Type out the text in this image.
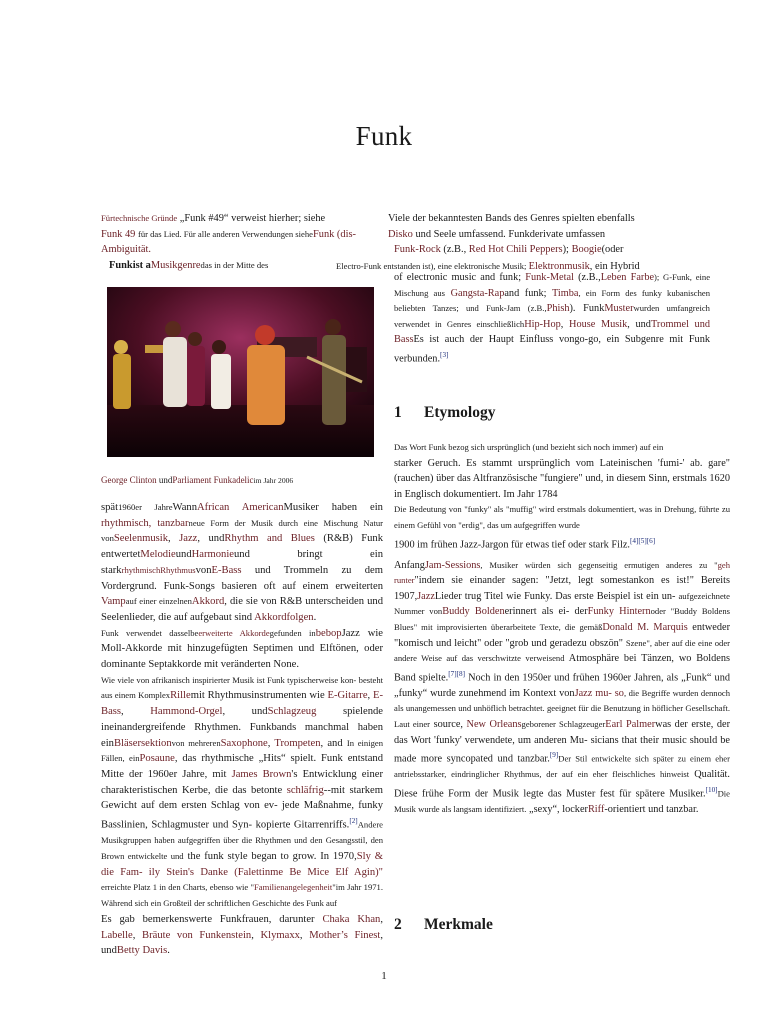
Funk

Fürtechnische Gründe „Funk #49“ verweist hierher; siehe

Funk 49 für das Lied. Für alle anderen Verwendungen sieheFunk (dis-

Ambiguität.

Funkist aMusikgenredas in der Mitte des

Viele der bekanntesten Bands des Genres spielten ebenfalls

Disko und Seele umfassend. Funkderivate umfassen

Funk-Rock (z.B., Red Hot Chili Peppers); Boogie(oder

Electro-Funk entstanden ist), eine elektronische Musik; Elektronmusik, ein Hybrid

of electronic music and funk; Funk-Metal (z.B.,Leben Farbe); G-Funk, eine Mischung aus Gangsta-Rapand funk; Timba, ein Form des funky kubanischen beliebten Tanzes; und Funk-Jam (z.B.,Phish). FunkMusterwurden umfangreich verwendet in Genres einschließlichHip-Hop, House Musik, undTrommel und BassEs ist auch der Haupt Einfluss vongo-go, ein Subgenre mit Funk verbunden.[3]

George Clinton undParliament Funkadelicim Jahr 2006

spät1960er JahreWannAfrican AmericanMusiker haben ein rhythmisch, tanzbarneue Form der Musik durch eine Mischung Natur vonSeelenmusik, Jazz, undRhythm and Blues (R&B) Funk entwertetMelodieundHarmonieund bringt ein starkrhythmischRhythmusvonE-Bass und Trommeln zu dem Vordergrund. Funk-Songs basieren oft auf einem erweiterten Vampauf einer einzelnenAkkord, die sie von R&B unterscheiden und Seelenlieder, die auf aufgebaut sind Akkordfolgen.

Funk verwendet dasselbeerweiterte Akkordegefunden inbebopJazz wie Moll-Akkorde mit hinzugefügten Septimen und Elftönen, oder dominante Septakkorde mit veränderten None.

Wie viele von afrikanisch inspirierter Musik ist Funk typischerweise kon- besteht aus einem KomplexRillemit Rhythmusinstrumenten wie E-Gitarre, E-Bass,	Hammond-Orgel, undSchlagzeug	spielende ineinandergreifende Rhythmen. Funkbands manchmal haben einBläsersektionvon mehrerenSaxophone, Trompeten, and In einigen Fällen, einPosaune, das rhythmische „Hits“ spielt. Funk entstand Mitte der 1960er Jahre, mit James Brown's Entwicklung einer charakteristischen Kerbe, die das betonte schläfrig--mit starkem Gewicht auf dem ersten Schlag von ev- jede Maßnahme, funky Basslinien, Schlagmuster und Syn- kopierte Gitarrenriffs.[2]Andere Musikgruppen haben aufgegriffen über die Rhythmen und den Gesangsstil, den Brown entwickelte und the funk style began to grow. In 1970,Sly & die Fam- ily Stein's Danke (Falettinme Be Mice Elf Agin)" erreichte Platz 1 in den Charts, ebenso wie "Familienangelegenheit"im Jahr 1971. Während sich ein Großteil der schriftlichen Geschichte des Funk auf

Es gab bemerkenswerte Funkfrauen, darunter Chaka Khan, Labelle, Bräute von Funkenstein, Klymaxx, Mother’s Finest, undBetty Davis.

1 Etymology

Das Wort Funk bezog sich ursprünglich (und bezieht sich noch immer) auf ein

starker Geruch. Es stammt ursprünglich vom Lateinischen 'fumi-' ab. gare" (rauchen) über das Altfranzösische "fungiere" und, in diesem Sinn, erstmals 1620 in Englisch dokumentiert. Im Jahr 1784

Die Bedeutung von "funky" als "muffig" wird erstmals dokumentiert, was in Drehung, führte zu einem Gefühl von "erdig", das um aufgegriffen wurde

1900 im frühen Jazz-Jargon für etwas tief oder stark Filz.[4][5][6]

AnfangJam-Sessions, Musiker würden sich gegenseitig ermutigen anderes zu "geh runter"indem sie einander sagen: "Jetzt, legt somestankon es ist!" Bereits 1907,JazzLieder trug Titel wie Funky. Das erste Beispiel ist ein un- aufgezeichnete Nummer vonBuddy Boldenerinnert als ei- derFunky Hinternoder "Buddy Boldens Blues" mit improvisierten überarbeitete Texte, die gemäßDonald M. Marquis entweder "komisch und leicht" oder "grob und geradezu obszön" Szene", aber auf die eine oder andere Weise auf das verschwitzte verweisend Atmosphäre bei Tänzen, wo Boldens Band spielte.[7][8] Noch in den 1950er und frühen 1960er Jahren, als „Funk“ und „funky“ wurde zunehmend im Kontext vonJazz mu- so, die Begriffe wurden dennoch als unangemessen und unhöflich betrachtet. geeignet für die Benutzung in höflicher Gesellschaft. Laut einer source, New Orleansgeborener SchlagzeugerEarl Palmerwas der erste, der das Wort 'funky' verwendete, um anderen Mu- sicians that their music should be made more syncopated und tanzbar.[9]Der Stil entwickelte sich später zu einem eher antriebsstarker, eindringlicher Rhythmus, der auf ein eher fleischliches hinweist Qualität. Diese frühe Form der Musik legte das Muster fest für spätere Musiker.[10]Die Musik wurde als langsam identifiziert. „sexy“, lockerRiff-orientiert und tanzbar.

2 Merkmale
1
